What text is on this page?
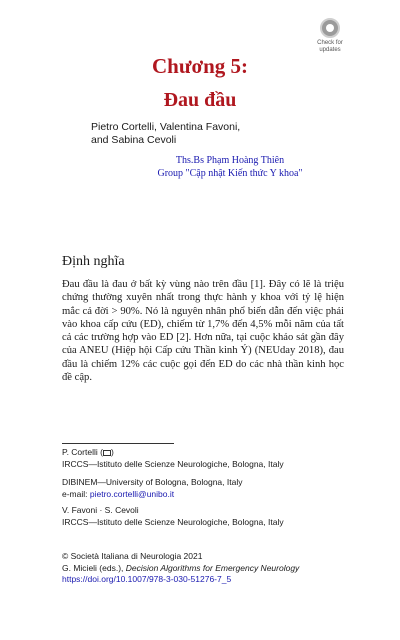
Check for
updates
Chương 5:
Đau đầu
Pietro Cortelli, Valentina Favoni,
and Sabina Cevoli
Ths.Bs Phạm Hoàng Thiên
Group "Cập nhật Kiến thức Y khoa"
Định nghĩa
Đau đầu là đau ở bất kỳ vùng nào trên đầu [1]. Đây có lẽ là triệu chứng thường xuyên nhất trong thực hành y khoa với tỷ lệ hiện mắc cả đời > 90%. Nó là nguyên nhân phổ biến dẫn đến việc phải vào khoa cấp cứu (ED), chiếm từ 1,7% đến 4,5% mỗi năm của tất cả các trường hợp vào ED [2]. Hơn nữa, tại cuộc khảo sát gần đây của ANEU (Hiệp hội Cấp cứu Thần kinh Ý) (NEUday 2018), đau đầu là chiếm 12% các cuộc gọi đến ED do các nhà thần kinh học đề cập.
P. Cortelli ( )
IRCCS—Istituto delle Scienze Neurologiche, Bologna, Italy
DIBINEM—University of Bologna, Bologna, Italy
e-mail: pietro.cortelli@unibo.it
V. Favoni · S. Cevoli
IRCCS—Istituto delle Scienze Neurologiche, Bologna, Italy
© Società Italiana di Neurologia 2021
G. Micieli (eds.), Decision Algorithms for Emergency Neurology
https://doi.org/10.1007/978-3-030-51276-7_5
